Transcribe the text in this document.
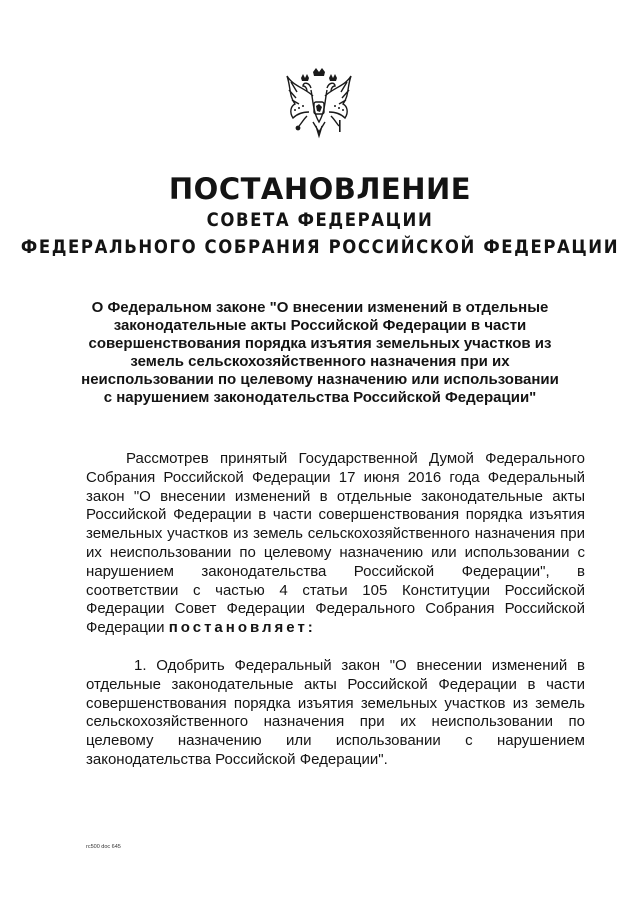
ПОСТАНОВЛЕНИЕ
СОВЕТА ФЕДЕРАЦИИ
ФЕДЕРАЛЬНОГО СОБРАНИЯ РОССИЙСКОЙ ФЕДЕРАЦИИ
О Федеральном законе "О внесении изменений в отдельные законодательные акты Российской Федерации в части совершенствования порядка изъятия земельных участков из земель сельскохозяйственного назначения при их неиспользовании по целевому назначению или использовании с нарушением законодательства Российской Федерации"
Рассмотрев принятый Государственной Думой Федерального Собрания Российской Федерации 17 июня 2016 года Федеральный закон "О внесении изменений в отдельные законодательные акты Российской Федерации в части совершенствования порядка изъятия земельных участков из земель сельскохозяйственного назначения при их неиспользовании по целевому назначению или использовании с нарушением законодательства Российской Федерации", в соответствии с частью 4 статьи 105 Конституции Российской Федерации Совет Федерации Федерального Собрания Российской Федерации постановляет:
1. Одобрить Федеральный закон "О внесении изменений в отдельные законодательные акты Российской Федерации в части совершенствования порядка изъятия земельных участков из земель сельскохозяйственного назначения при их неиспользовании по целевому назначению или использовании с нарушением законодательства Российской Федерации".
rc500 doc 645
